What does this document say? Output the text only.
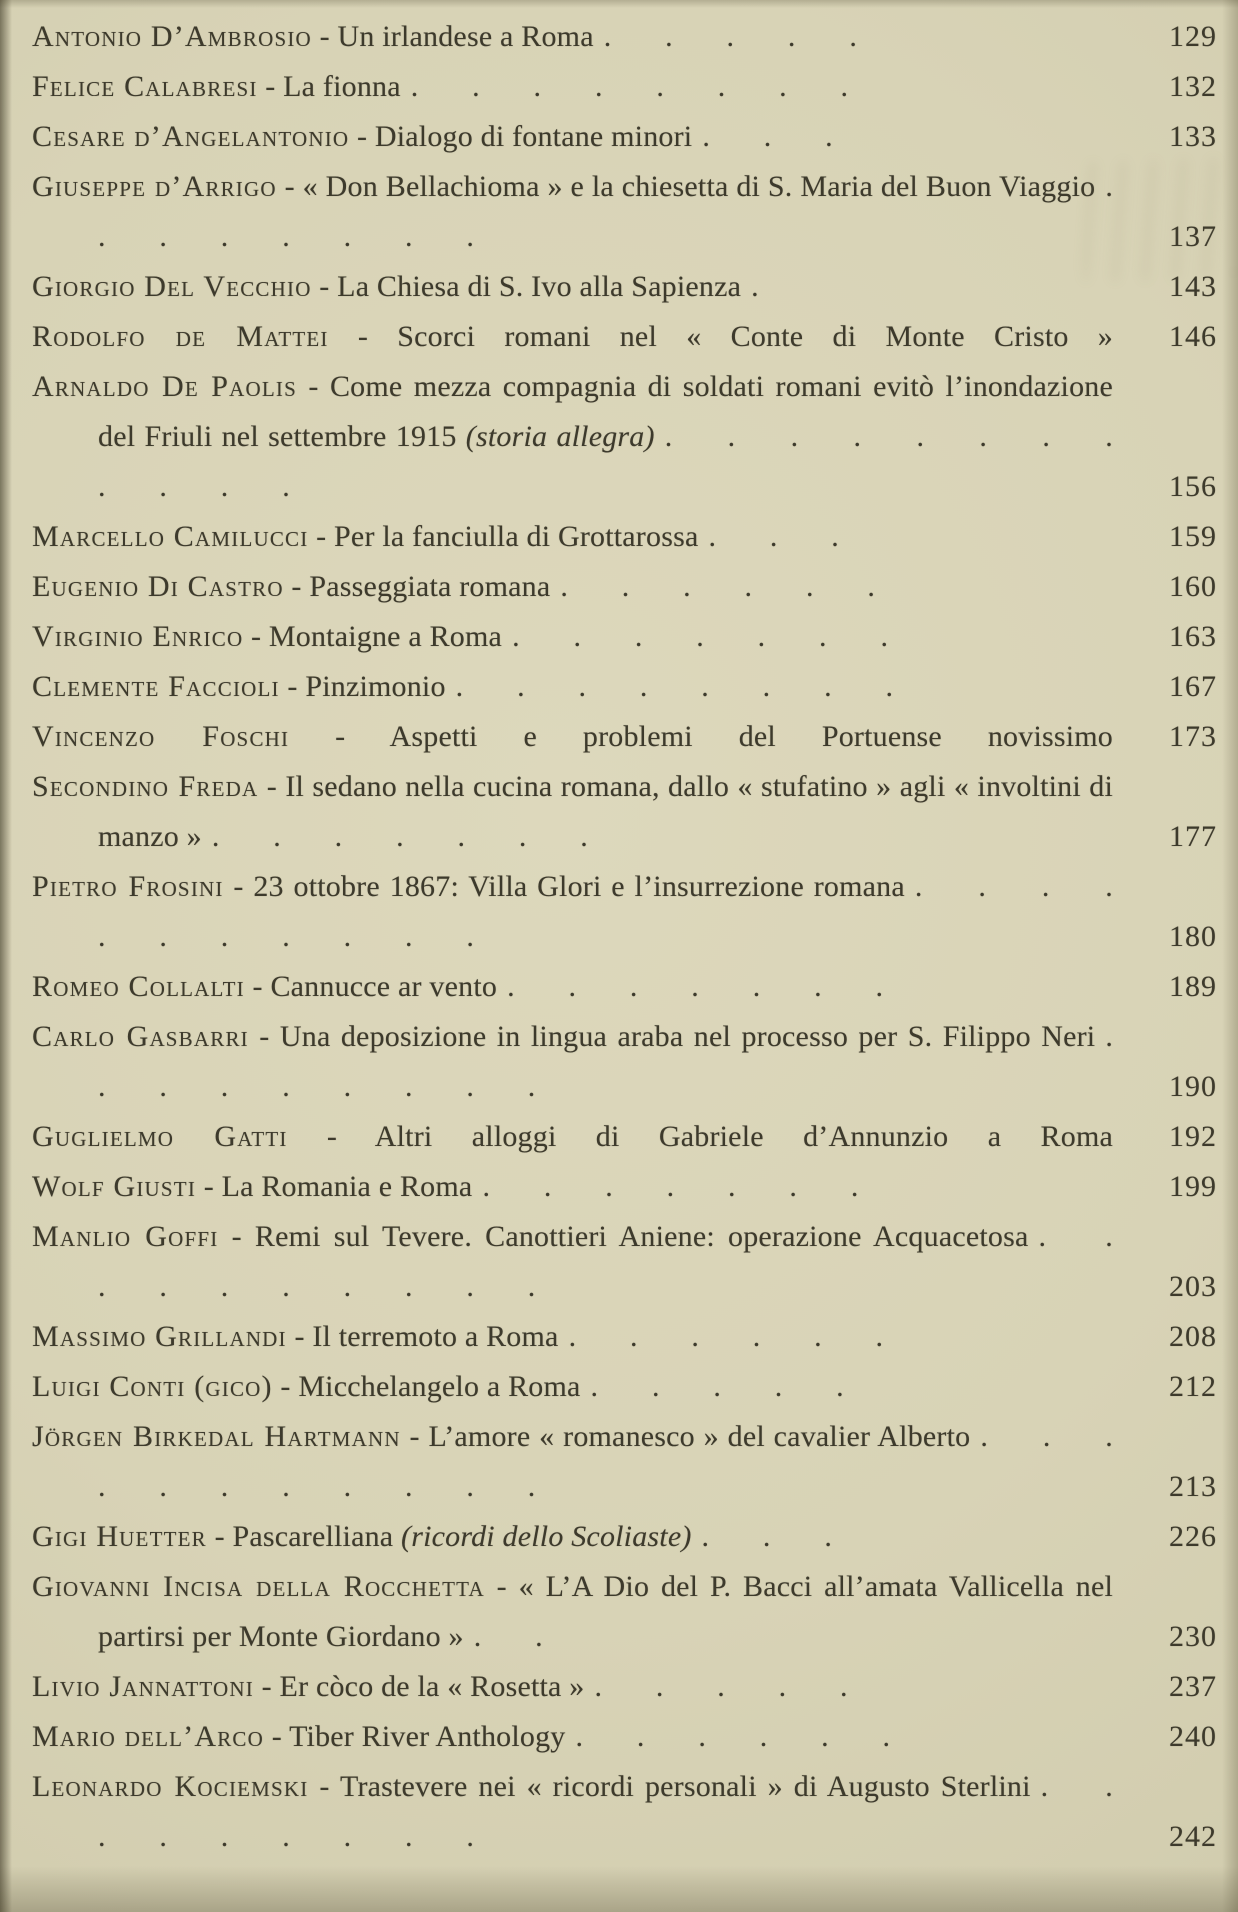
Antonio D’Ambrosio - Un irlandese a Roma . . . . .	129
Felice Calabresi - La fionna . . . . . . . .	132
Cesare d’Angelantonio - Dialogo di fontane minori . . .	133
Giuseppe d’Arrigo - « Don Bellachioma » e la chiesetta di S. Maria del Buon Viaggio . . . . . . . .	137
Giorgio Del Vecchio - La Chiesa di S. Ivo alla Sapienza .	143
Rodolfo de Mattei - Scorci romani nel « Conte di Monte Cristo » 146
Arnaldo De Paolis - Come mezza compagnia di soldati romani evitò l’inondazione del Friuli nel settembre 1915 (storia allegra) . . . . . . . . . . . .	156
Marcello Camilucci - Per la fanciulla di Grottarossa . . .	159
Eugenio Di Castro - Passeggiata romana . . . . . .	160
Virginio Enrico - Montaigne a Roma . . . . . . .	163
Clemente Faccioli - Pinzimonio . . . . . . . .	167
Vincenzo Foschi - Aspetti e problemi del Portuense novissimo 173
Secondino Freda - Il sedano nella cucina romana, dallo « stufatino » agli « involtini di manzo » . . . . . . .	177
Pietro Frosini - 23 ottobre 1867: Villa Glori e l’insurrezione romana . . . . . . . . . . .	180
Romeo Collalti - Cannucce ar vento . . . . . . .	189
Carlo Gasbarri - Una deposizione in lingua araba nel processo per S. Filippo Neri . . . . . . . . .	190
Guglielmo Gatti - Altri alloggi di Gabriele d’Annunzio a Roma 192
Wolf Giusti - La Romania e Roma . . . . . . .	199
Manlio Goffi - Remi sul Tevere. Canottieri Aniene: operazione Acquacetosa . . . . . . . . . .	203
Massimo Grillandi - Il terremoto a Roma . . . . . .	208
Luigi Conti (gico) - Micchelangelo a Roma . . . . .	212
Jörgen Birkedal Hartmann - L’amore « romanesco » del cavalier Alberto . . . . . . . . . . .	213
Gigi Huetter - Pascarelliana (ricordi dello Scoliaste) . . .	226
Giovanni Incisa della Rocchetta - « L’A Dio del P. Bacci all’amata Vallicella nel partirsi per Monte Giordano » . .	230
Livio Jannattoni - Er còco de la « Rosetta » . . . . .	237
Mario dell’Arco - Tiber River Anthology . . . . . .	240
Leonardo Kociemski - Trastevere nei « ricordi personali » di Augusto Sterlini . . . . . . . . .	242
